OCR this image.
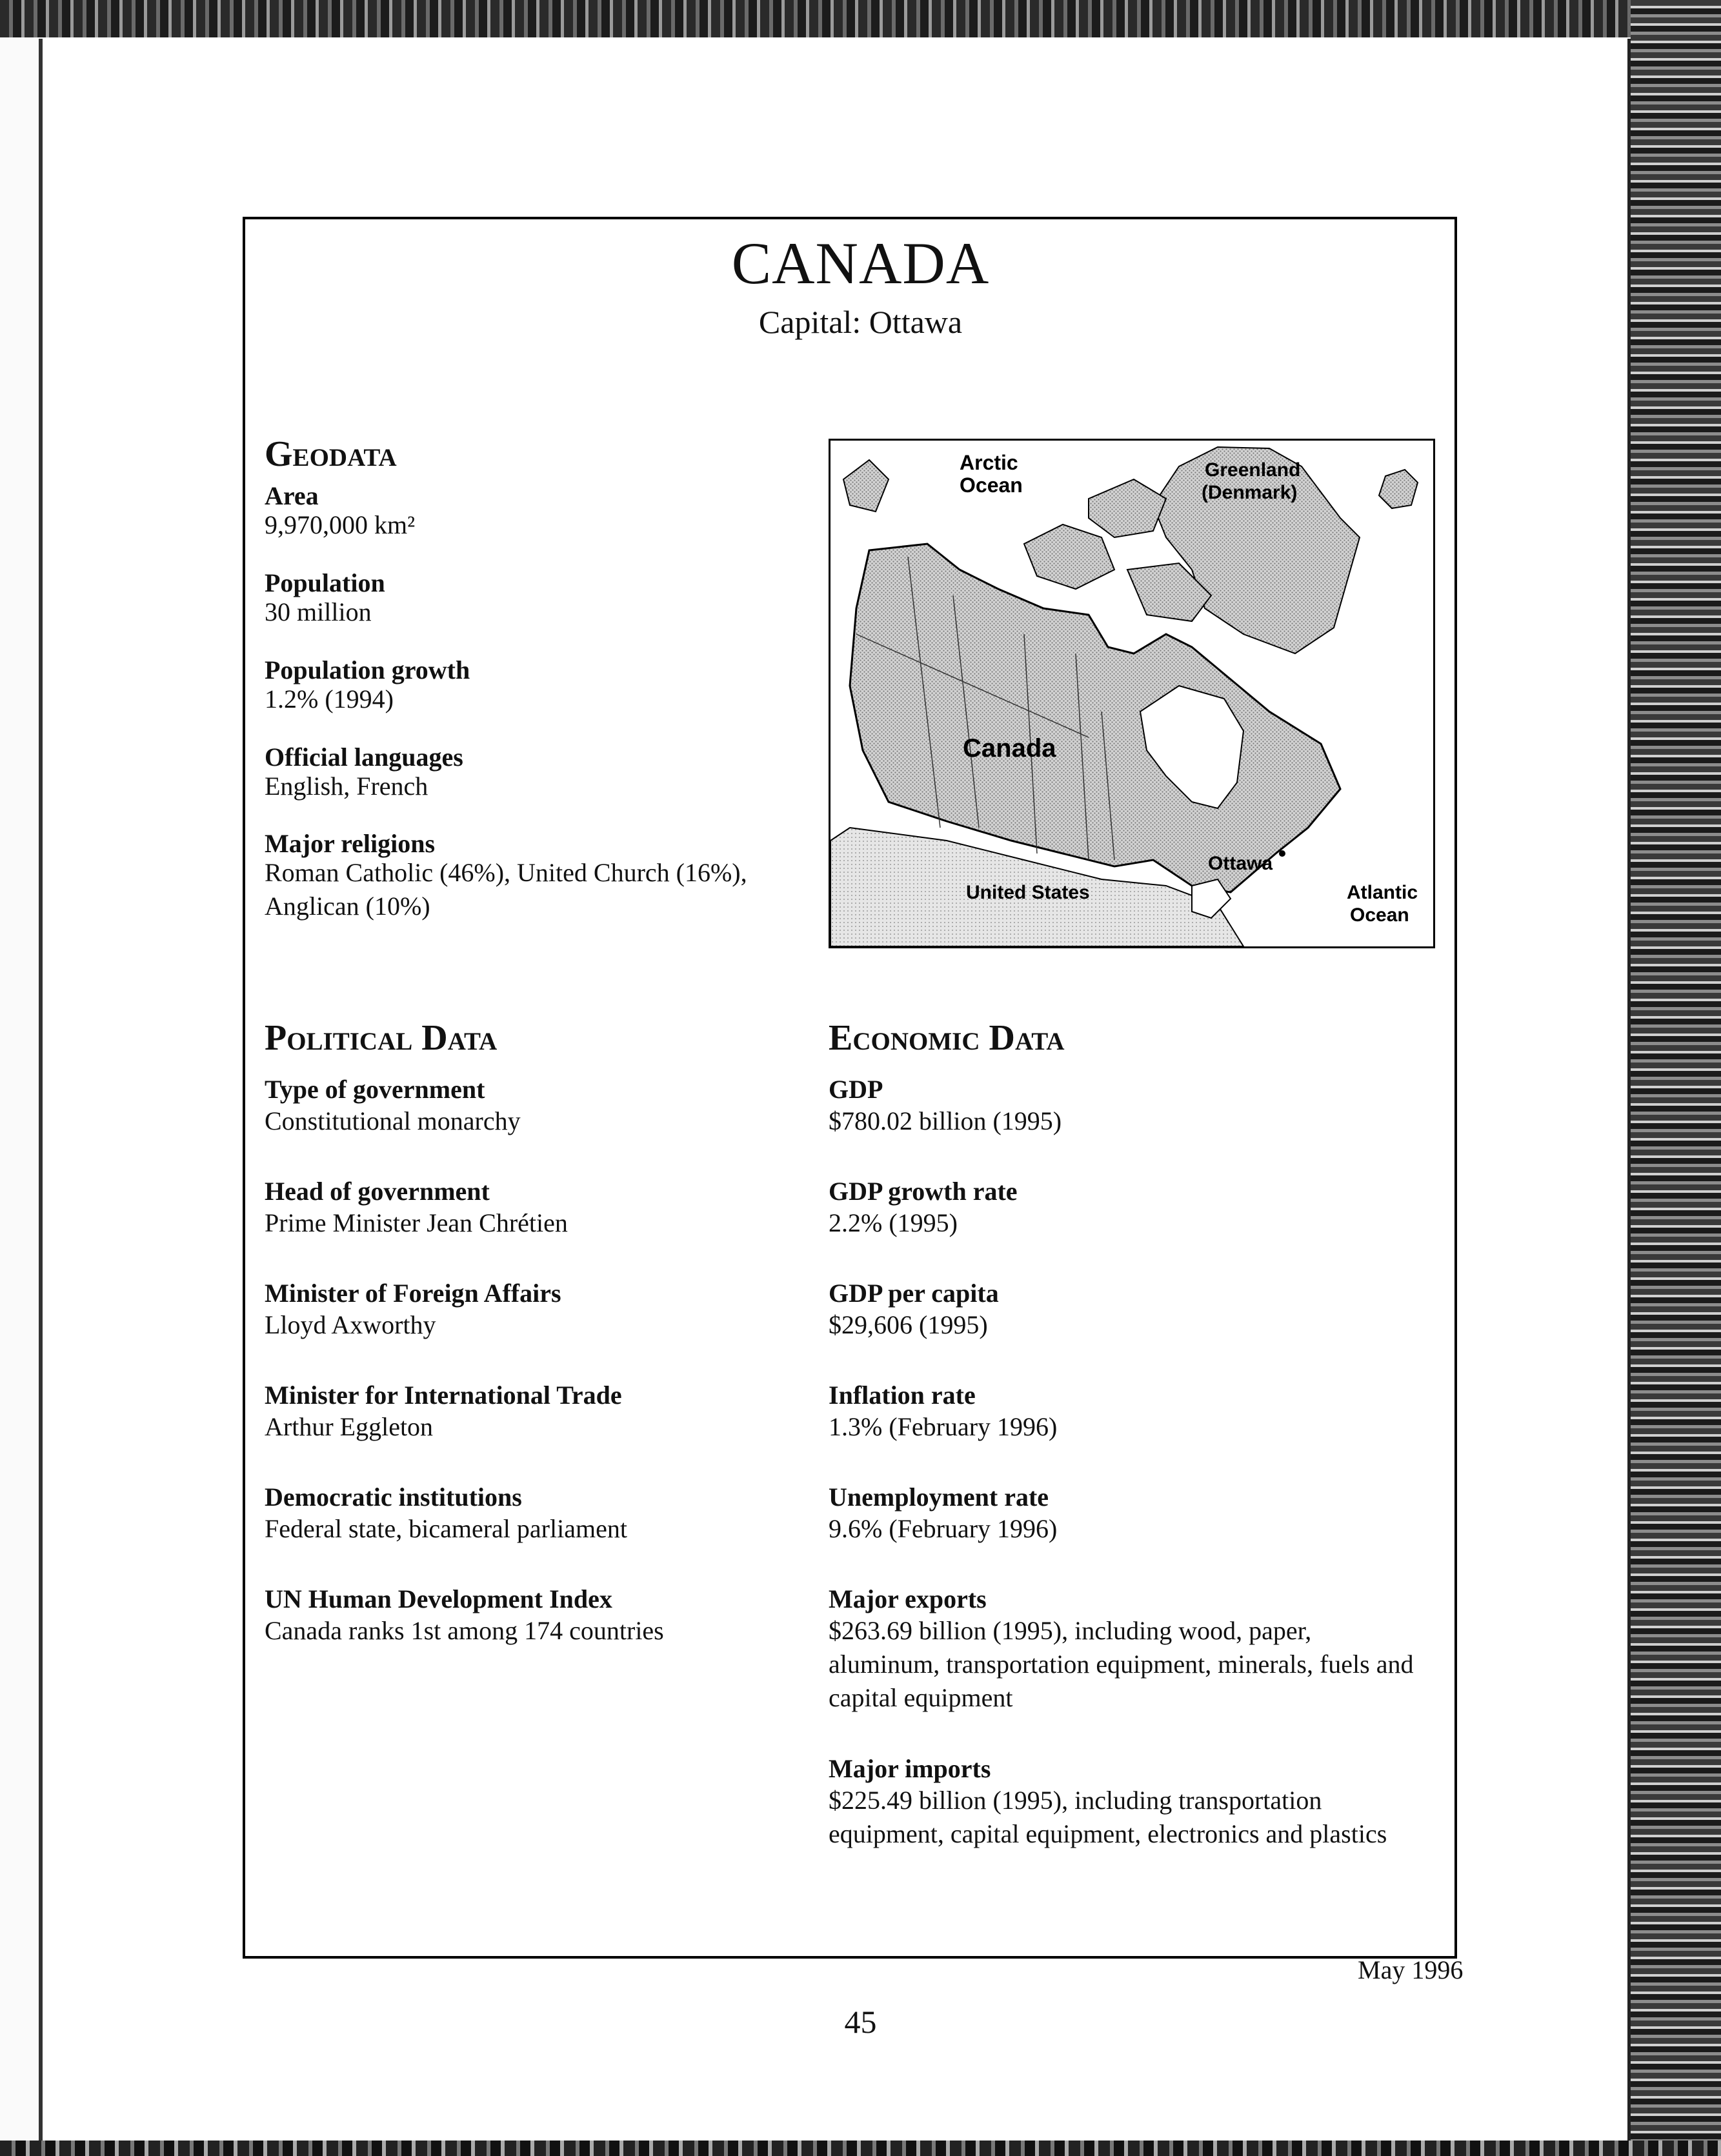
CANADA
Capital: Ottawa
Geodata
Area
9,970,000 km²
Population
30 million
Population growth
1.2% (1994)
Official languages
English, French
Major religions
Roman Catholic (46%), United Church (16%), Anglican (10%)
Arctic
Ocean
Greenland
(Denmark)
Canada
Ottawa
United States	Atlantic
Ocean
Political Data
Type of government
Constitutional monarchy
Head of government
Prime Minister Jean Chrétien
Minister of Foreign Affairs
Lloyd Axworthy
Minister for International Trade
Arthur Eggleton
Democratic institutions
Federal state, bicameral parliament
UN Human Development Index
Canada ranks 1st among 174 countries
Economic Data
GDP
$780.02 billion (1995)
GDP growth rate
2.2% (1995)
GDP per capita
$29,606 (1995)
Inflation rate
1.3% (February 1996)
Unemployment rate
9.6% (February 1996)
Major exports
$263.69 billion (1995), including wood, paper, aluminum, transportation equipment, minerals, fuels and capital equipment
Major imports
$225.49 billion (1995), including transportation equipment, capital equipment, electronics and plastics
May 1996
45
